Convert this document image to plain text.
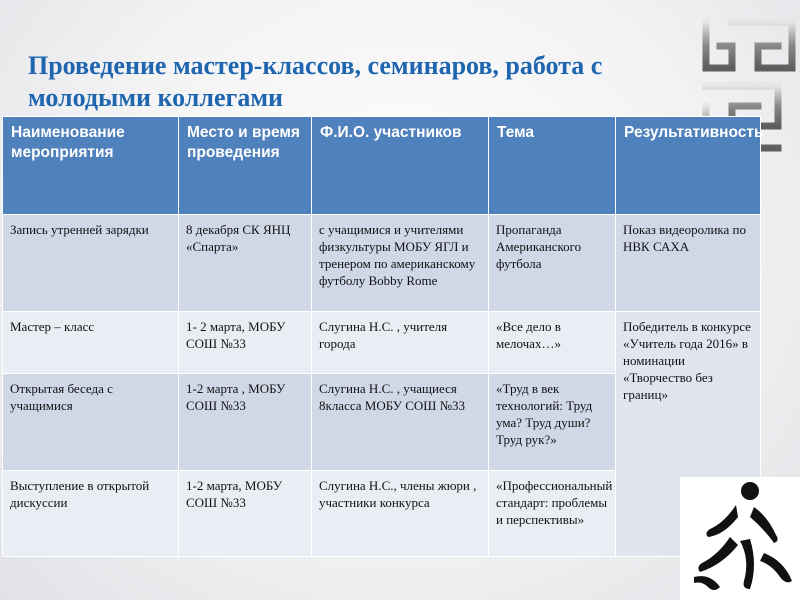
Проведение мастер-классов, семинаров, работа с молодыми коллегами
Наименование мероприятия	Место и время проведения	Ф.И.О. участников	Тема	Результативность
Запись утренней зарядки	8 декабря СК ЯНЦ «Спарта»	с учащимися и учителями физкультуры МОБУ ЯГЛ и тренером по американскому футболу Bobby Rome	Пропаганда Американского футбола	Показ видеоролика по НВК САХА
Мастер – класс	1- 2 марта, МОБУ СОШ №33	Слугина Н.С. , учителя города	«Все дело в мелочах…»	Победитель в конкурсе «Учитель года 2016» в номинации «Творчество без границ»
Открытая беседа с учащимися	1-2 марта , МОБУ СОШ №33	Слугина Н.С. , учащиеся 8класса МОБУ СОШ №33	«Труд в век технологий: Труд ума? Труд души? Труд рук?»	
Выступление в открытой дискуссии	1-2 марта, МОБУ СОШ №33	Слугина Н.С., члены жюри , участники конкурса	«Профессиональный стандарт: проблемы и перспективы»	
